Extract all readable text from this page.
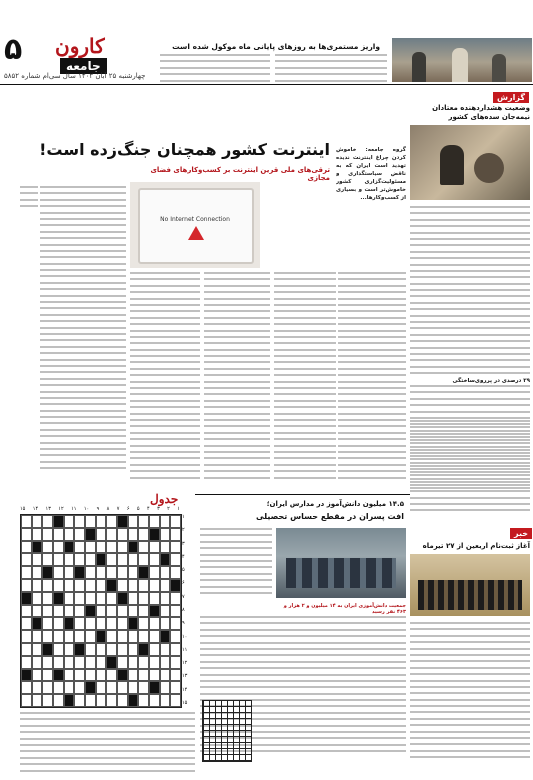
۵ کارون
جامعه
چهارشنبه ۲۵ آبان ۱۴۰۲ سال سی‌ام شماره ۵۸۵۲
واریز مستمری‌ها به روزهای پایانی ماه موکول شده است
گزارش
وضعیت هشدار‌دهنده معتادان
نیمه‌جان سده‌های کشور
۲۹ درصدی در پرروی‌ساختگی
اینترنت کشور همچنان جنگ‌زده است!
ترقی‌های ملی قرین اینترنت بر کسب‌وکارهای فضای مجازی
No Internet Connection
گروه جامعه: خاموش کردن چراغ اینترنت ندیده تهدید است ایران که به ناقض سیاستگذاری و مسئولیت‌گزاری کشور خاموش‌تر است و بسیاری از کسب‌وکارها...
۱۴.۵ میلیون دانش‌آموز در مدارس ایران؛
افت پسران در مقطع حساس تحصیلی
جمعیت دانش‌آموزی ایران به ۱۴ میلیون و ۲ هزار و ۴۶۳ نفر رسید
خبر
آغاز ثبت‌نام اربعین از ۲۷ تیرماه
جدول
۱۵ ۱۴ ۱۳ ۱۲ ۱۱ ۱۰ ۹ ۸ ۷ ۶ ۵ ۴ ۳ ۲ ۱
۱
۲
۳
۴
۵
۶
۷
۸
۹
۱۰
۱۱
۱۲
۱۳
۱۴
۱۵
